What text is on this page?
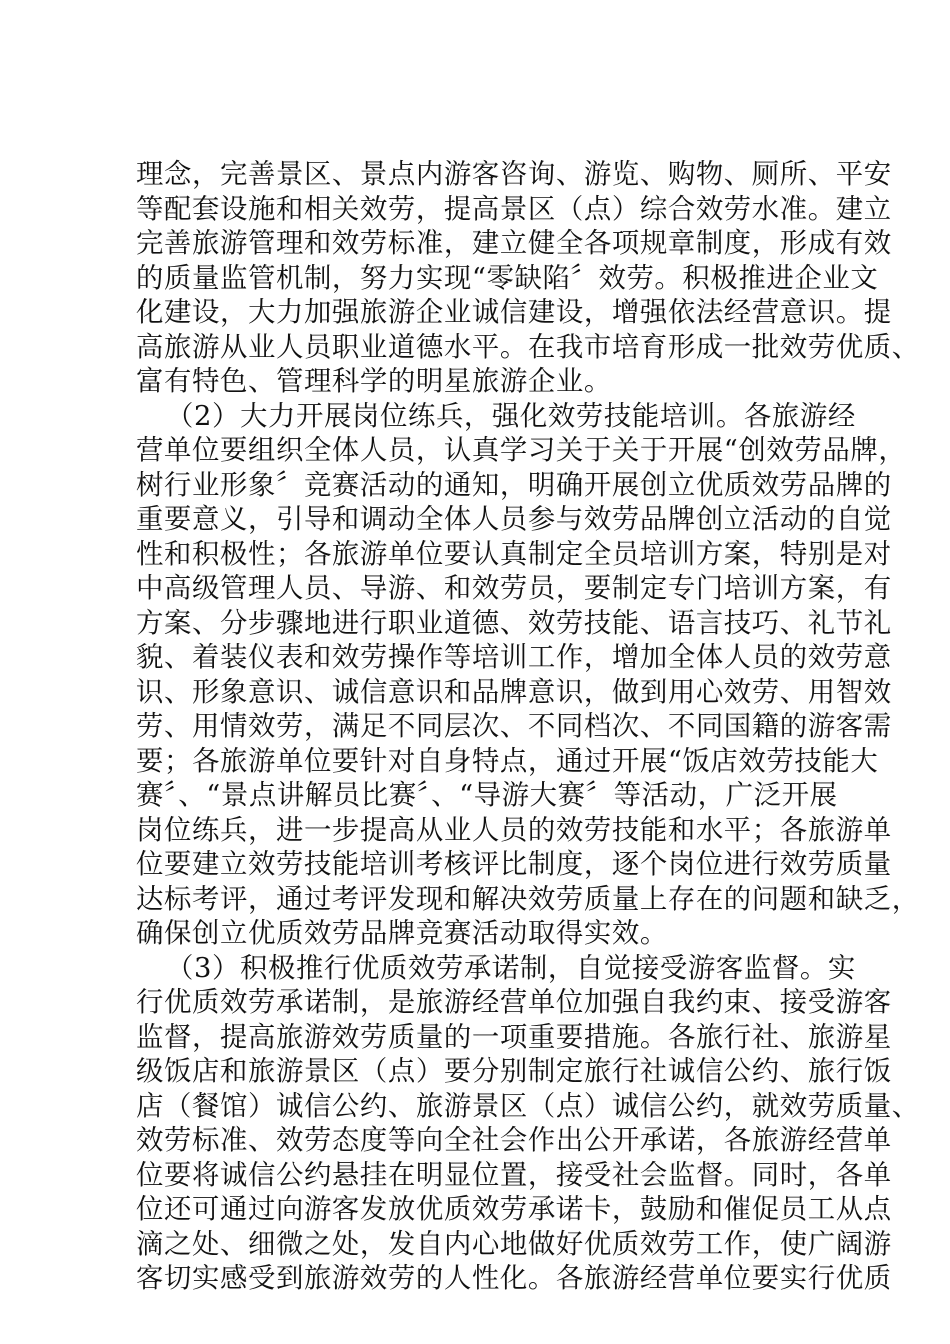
理念，完善景区、景点内游客咨询、游览、购物、厕所、平安
等配套设施和相关效劳，提高景区（点）综合效劳水准。建立
完善旅游管理和效劳标准，建立健全各项规章制度，形成有效
的质量监管机制，努力实现“零缺陷〞效劳。积极推进企业文
化建设，大力加强旅游企业诚信建设，增强依法经营意识。提
高旅游从业人员职业道德水平。在我市培育形成一批效劳优质、
富有特色、管理科学的明星旅游企业。
（2）大力开展岗位练兵，强化效劳技能培训。各旅游经
营单位要组织全体人员，认真学习关于关于开展“创效劳品牌，
树行业形象〞竞赛活动的通知，明确开展创立优质效劳品牌的
重要意义，引导和调动全体人员参与效劳品牌创立活动的自觉
性和积极性；各旅游单位要认真制定全员培训方案，特别是对
中高级管理人员、导游、和效劳员，要制定专门培训方案，有
方案、分步骤地进行职业道德、效劳技能、语言技巧、礼节礼
貌、着装仪表和效劳操作等培训工作，增加全体人员的效劳意
识、形象意识、诚信意识和品牌意识，做到用心效劳、用智效
劳、用情效劳，满足不同层次、不同档次、不同国籍的游客需
要；各旅游单位要针对自身特点，通过开展“饭店效劳技能大
赛〞、“景点讲解员比赛〞、“导游大赛〞等活动，广泛开展
岗位练兵，进一步提高从业人员的效劳技能和水平；各旅游单
位要建立效劳技能培训考核评比制度，逐个岗位进行效劳质量
达标考评，通过考评发现和解决效劳质量上存在的问题和缺乏，
确保创立优质效劳品牌竞赛活动取得实效。
（3）积极推行优质效劳承诺制，自觉接受游客监督。实
行优质效劳承诺制，是旅游经营单位加强自我约束、接受游客
监督，提高旅游效劳质量的一项重要措施。各旅行社、旅游星
级饭店和旅游景区（点）要分别制定旅行社诚信公约、旅行饭
店（餐馆）诚信公约、旅游景区（点）诚信公约，就效劳质量、
效劳标准、效劳态度等向全社会作出公开承诺，各旅游经营单
位要将诚信公约悬挂在明显位置，接受社会监督。同时，各单
位还可通过向游客发放优质效劳承诺卡，鼓励和催促员工从点
滴之处、细微之处，发自内心地做好优质效劳工作，使广阔游
客切实感受到旅游效劳的人性化。各旅游经营单位要实行优质
